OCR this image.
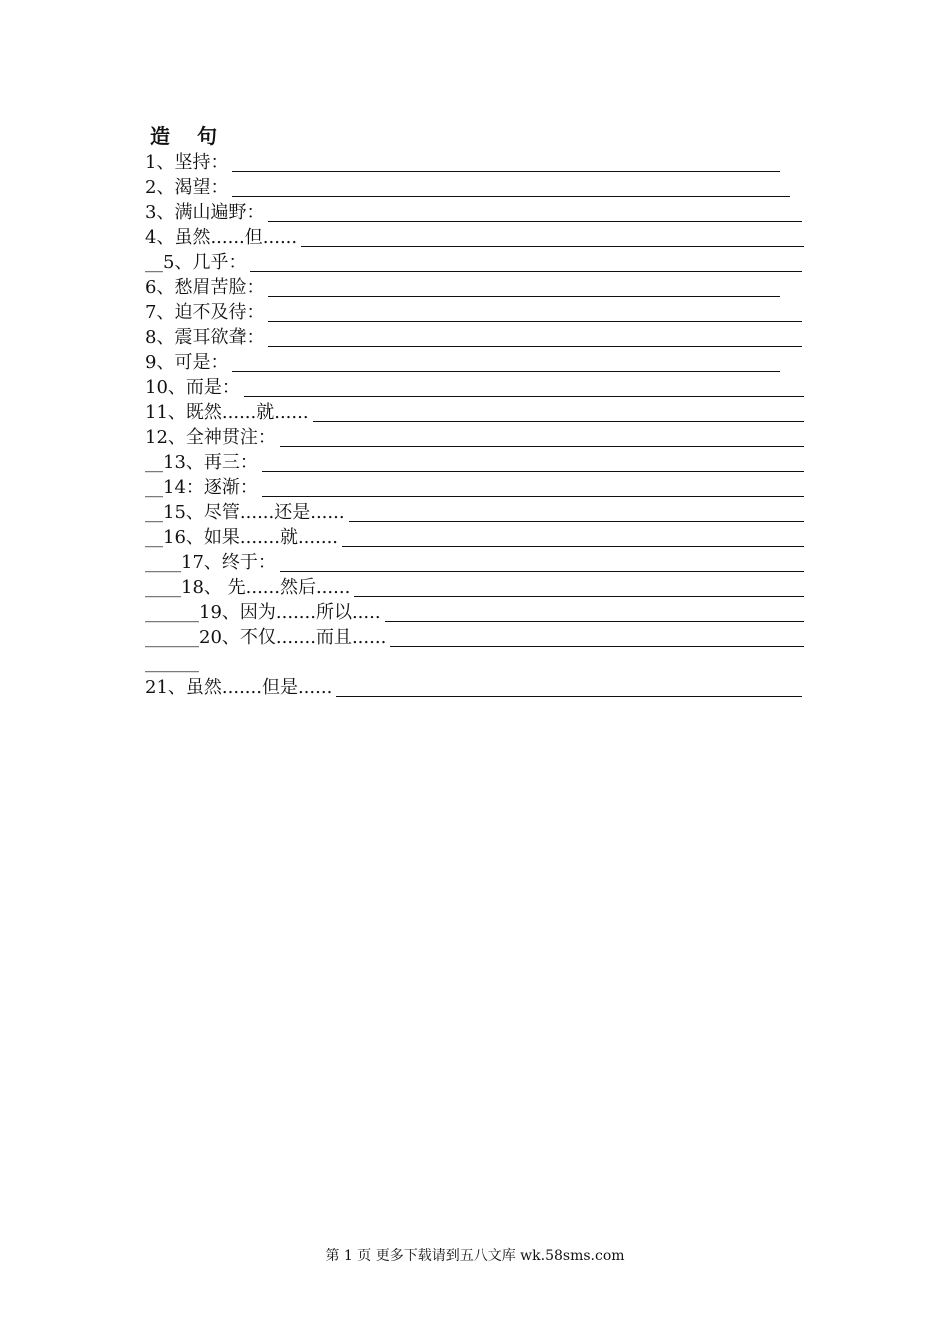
造 句
1、坚持：
2、渴望：
3、满山遍野：
4、虽然......但......
__5、几乎：
6、愁眉苦脸：
7、迫不及待：
8、震耳欲聋：
9、可是：
10、而是：
11、既然......就......
12、全神贯注：
__13、再三：
__14：逐渐：
__15、尽管......还是......
__16、如果.......就.......
____17、终于：
____18、 先......然后......
______19、因为.......所以.....
______20、不仅.......而且......
______
21、虽然.......但是......
第 1 页 更多下载请到五八文库 wk.58sms.com
